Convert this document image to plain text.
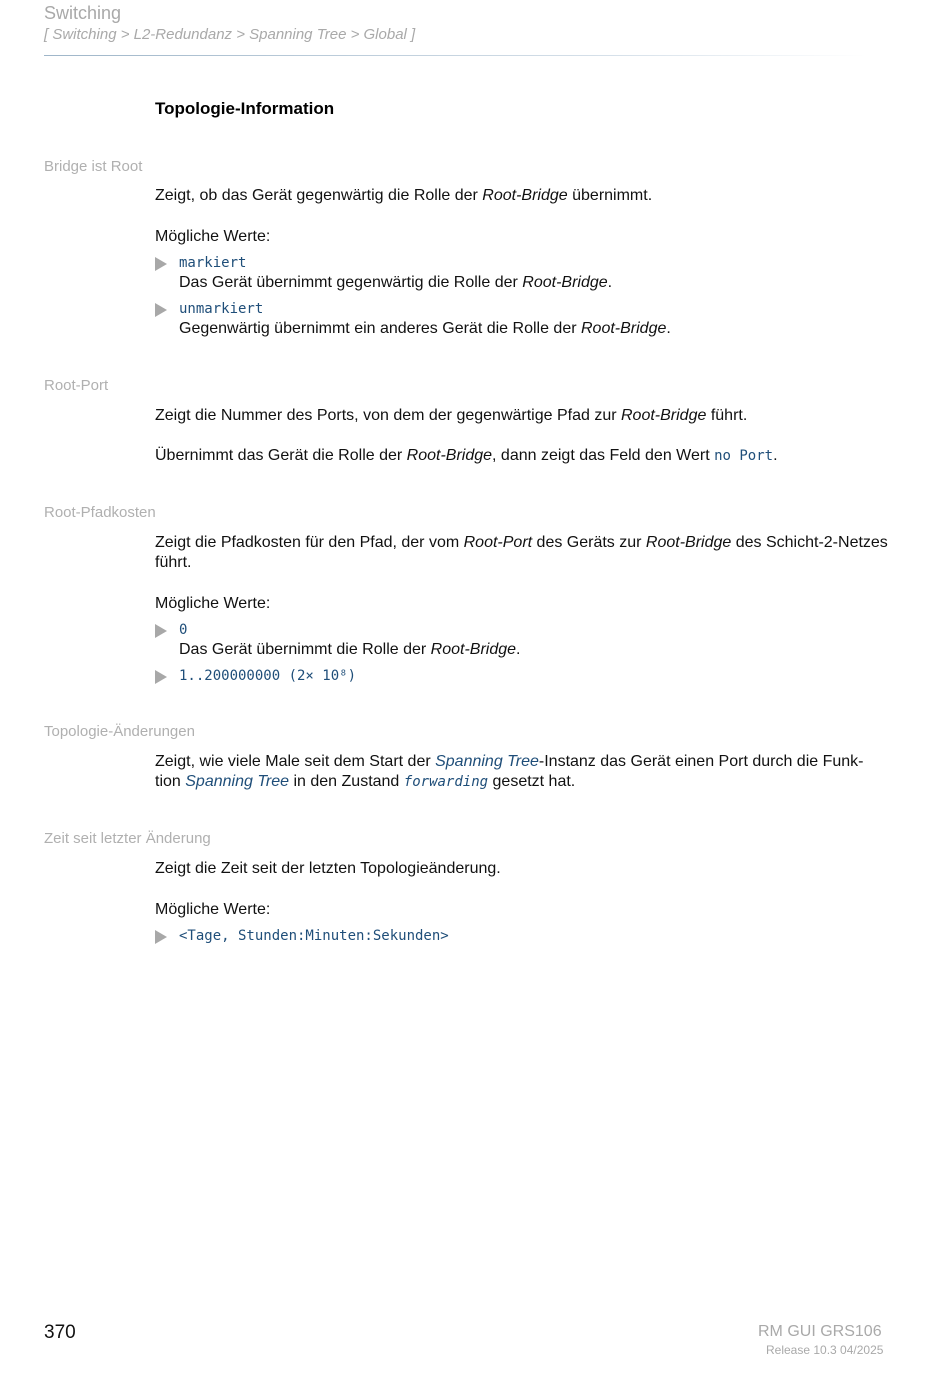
Switching
[ Switching > L2-Redundanz > Spanning Tree > Global ]
Topologie-Information
Bridge ist Root

Zeigt, ob das Gerät gegenwärtig die Rolle der Root-Bridge übernimmt.

Mögliche Werte:
markiert
Das Gerät übernimmt gegenwärtig die Rolle der Root-Bridge.
unmarkiert
Gegenwärtig übernimmt ein anderes Gerät die Rolle der Root-Bridge.
Root-Port

Zeigt die Nummer des Ports, von dem der gegenwärtige Pfad zur Root-Bridge führt.

Übernimmt das Gerät die Rolle der Root-Bridge, dann zeigt das Feld den Wert no Port.

Root-Pfadkosten

Zeigt die Pfadkosten für den Pfad, der vom Root-Port des Geräts zur Root-Bridge des Schicht-2-Netzes führt.

Mögliche Werte:
0
Das Gerät übernimmt die Rolle der Root-Bridge.
1..200000000 (2× 10⁸)
Topologie-Änderungen

Zeigt, wie viele Male seit dem Start der Spanning Tree-Instanz das Gerät einen Port durch die Funk-
tion Spanning Tree in den Zustand forwarding gesetzt hat.

Zeit seit letzter Änderung
Zeigt die Zeit seit der letzten Topologieänderung.
Mögliche Werte:
<Tage, Stunden:Minuten:Sekunden>
370	RM GUI GRS106
Release 10.3 04/2025
